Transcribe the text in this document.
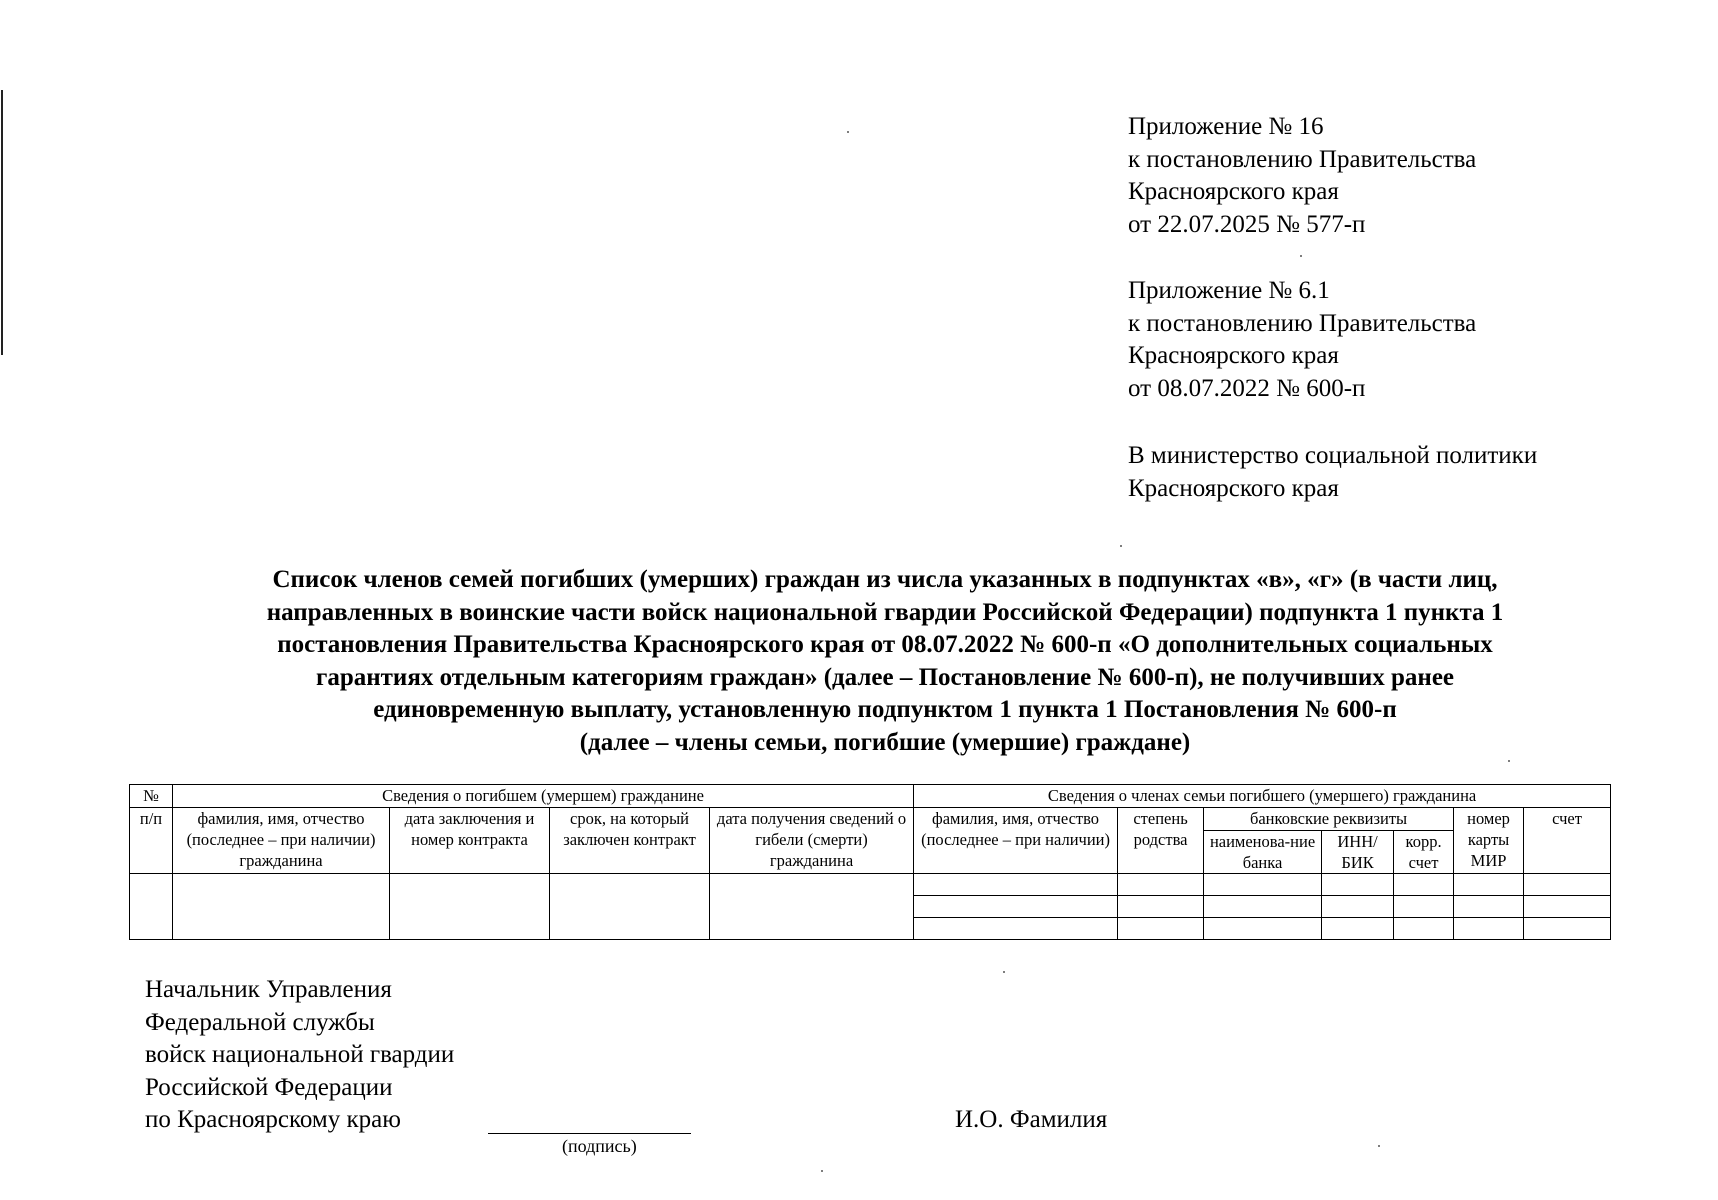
Приложение № 16
к постановлению Правительства
Красноярского края
от 22.07.2025 № 577-п
Приложение № 6.1
к постановлению Правительства
Красноярского края
от 08.07.2022 № 600-п
В министерство социальной политики
Красноярского края
Список членов семей погибших (умерших) граждан из числа указанных в подпунктах «в», «г» (в части лиц,
направленных в воинские части войск национальной гвардии Российской Федерации) подпункта 1 пункта 1
постановления Правительства Красноярского края от 08.07.2022 № 600-п «О дополнительных социальных
гарантиях отдельным категориям граждан» (далее – Постановление № 600-п), не получивших ранее
единовременную выплату, установленную подпунктом 1 пункта 1 Постановления № 600-п
(далее – члены семьи, погибшие (умершие) граждане)
№	Сведения о погибшем (умершем) гражданине				Сведения о членах семьи погибшего (умершего) гражданина						

п/п	фамилия, имя, отчество (последнее – при наличии) гражданина	дата заключения и номер контракта	срок, на который заключен контракт	дата получения сведений о гибели (смерти) гражданина	фамилия, имя, отчество (последнее – при наличии)	степень родства	банковские реквизиты			номер карты МИР	счет
							наименова-ние банка	ИНН/ БИК	корр. счет		

Начальник Управления
Федеральной службы
войск национальной гвардии
Российской Федерации
по Красноярскому краю
(подпись)
И.О. Фамилия
